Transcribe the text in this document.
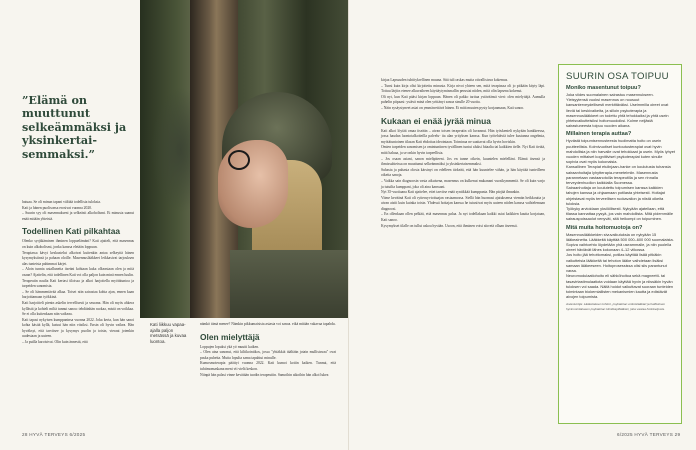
”Elämä on muuttunut selkeämmäksi ja yksinkertaisemmaksi.”

hatuaa. Se oli minun tapani välttää todellisia tuloksia.
Kati ja hänen puolisonsa erosivat vuonna 2020.
– Suurin syy oli masennukseni ja selkeästi alkoholismi. Ei minusta saanut enää mitään yhteistä.

Todellinen Kati pilkahtaa

Olenko syrjäkäminen ihminen loppuelämäni? Kati ajatteli, että masennus on kuin alkoholismi, jonka kanssa eletään loppuun.
Terapiassa kävyt keskustelut alkoivat kuitenkin antaa selkeyttä hänen kysymyksiinsä ja pahaan oloille. Masennuslääkkeet leikkasivat tarjouksen alas tunteista pahimmat kärjet.
– Aloin tunnia ustalluneita itseäni kohtaan kuka olkeastaan olen ja mitä osaan? Ajattelin, että todellinen Kati voi olla paljon kuin minä ennen luulin.
Terapeutin naulia Kati kertasi tiloissa ja alkoi harjoitella myötätuntoa ja tarpeiden sanomista.
– Se oli hämmentävää alkaa. Toiset niin sairastaa kohta ajan, ennen kaan harjoittamaan työkkinä.
Kati harjoitteli pienin askelin tervellisesti ja seurana. Hän oli myös ahkera kyllästä ja kohteli miltä tunnut sanoa: tehdäinhän ruokaa, mistä on voikkaa. Se ei olla kuitenkaan niin vaikeaa.
Kati tapasi nykyisen kumppaninsa vuonna 2022. Joka kerta, kun hän sanoi kohta käsitä kyllä, kutsui hän niin vitsiksi. Ensin oli hyvin vaikea. Hän hyväksyi, että tarvitsee ja kysymys puolin ja toisin, vieraat jotenkin uudestaan ja uuteen.
– Ja puilla karoistvat. Olin kuin ännestä, että

Kati liikkuu vapaa-ajalla paljon metsässä ja kuvaa luontoa.

nämkö tämä menee? Nämkin pikkumaisista asiasta voi sanoa. eikä mitään vakavaa tapahdu.

Olen mielyttäjä

Loppujen lopuksi ykä yö muutti kaiken.
– Olen aina sanonut, että kiltikointikos, jossa "yhtäkkiä täältään jotain mullistavaa" ovat paska puheita. Mutta lopulta sama tapahtui minulle.
Kumosmoterapia päättyi vuonna 2022. Kati kumoi kotiin kaiken. Tunnui, että tuhtimomaskana meni vii vielä keskon.
Niinpä hän palasi vinne kevätään tuodin terapeutiin. Samoihin aikoihin hän alkoi lukea

28 HYVÄ TERVEYS 6/2025

kirjaa Lapsuuden tuhtitykrellinen muuna. Sitä tuli raskas mutta otivallistava kokemus.
– Tunsi kuin kirja olisi kirjoitettu minusta. Kirja nivoi yhteen sen, mitä terapiassa oli jo pitkään käyty läpi. Tottuu lärjiin etenee alkuvaiheen käyttäytymismallin perustai niiden, mitä olin lapsena kokenut.
Oli nyt, kun Kati pääsi kirjan loppuun. Hänen oli pakko tarttua ystäväänsä vieri: olen mielyttäjä. Aamulla puhelin piipaasi: ystävä minä olen yrittänyt sanoa sinulle 20 vuotta.
– Näin sysäystyneet asiat on ymmärrettävä hänen. Ei mitä muuten pysty korjaamaan, Kati sanoo.

Kukaan ei enää jyrää minua

Kati alkoi löytää omaa itseään – aivan toisen terapeutin oli luvannut. Hän työskenteli nykyään hankkeessa, jossa haudan luontotalkoiteilla palvelu- ita alan yrityksen kanssa. Kun työtehtäviä tulee kustanna ongelmia, myötätuntoinen tilasan Kati ehdottaa ideointaan. Toiminaa ne saattavat olla hyvin hoviskin.
Omien tarpeiden sanomisen ja omintuntinen tyvällinen tuntui aluksi hitaalta tai kaikkien tielle. Nyt Kati tietää, mitä haluaa, ja se onkin hyvin tarpeellista.
– Jos osaan asiani, sanon mielipiteeni. Jos en tunne oikein, kuuntelen mielelläni. Elämä itsensä ja ihmissuhteissa on muuttunut selkeämmäksi ja yksinkertaisemmaksi.
Suhasta ja pahasta olosta kärsinyt on edelleen tärkeää, että hän kuuntelee vähän, ja hän käyttää tunteilleen oikeita sanoja.
– Vaikka sain diagnoosin vasta aikuisena, masennus on kulkenut mukanani vuosikymmeniä. Se oli kuin varjo ja tutuilta kumppani, joka oli aina kanssani.
Nyt 35-vuotiaana Kati ajattelee, ettei tarvitse enää syntikkää kumppania. Hän pärjää ilmankin.
Viime keväänä Kati oli rytteruyvtoituajan vastaamossa. Siellä hän huomasi ajatuksensa viemän heikkoutta ja aivan aistit kuin kuinka toisin. Yhdessä hoitajan kanssa he tutustivat myös uuteen niiden kanssa vaihtelemaan diagnoosi.
– En ollenkaan ollen pelkää, että masennus palaa. Ja nyt todellakaan kaikki asiat kaikkien kautta korjataan, Kati sanoo.
Kysymykset tilalle on tullut uskoa hyvään. Usoon, että ihminen voisi siirretä ollaan itseensä.

6/2025 HYVÄ TERVEYS 29
SUURIN OSA TOIPUU
Moniko masentunut toipuu?

Joka viides suomalainen sairastuu masennukseen. Yleisyytensä vuoksi masennus on nousuut kansanterveydellisesti merkittäväksi. Useimmilla oireet ovat lieviä tai keskivaikeita, ja silloin psykoterapia ja masennuslääkkeet on todettu yhtä tehokkaiksi ja yhtä usein yhteisvaikutteisiksi hoitomuodoiksi. Kolme neljästä sairastuneesta toipuu vuoden aikana.

Millainen terapia auttaa?

Hyvästä toipumisennusteesta huolimatta hoito on usein puutteellista. Kolmivuotiset kuntoutusterapiat ovat hyvin mahdollisia ja niin harvalle ovat tehokkaat ja usein. Myös lyhyet vuoden mittaiset kognitiiviset psykoterapiat kuten sinulle sopivia ovat myös kokonaisia.
Kansallinen Terapiat etulinjaan-hanke on koulutusta tuhansia sairaanhoitajia lyhytterapia-menetelmiin. Masennusta parannetaan vastaanotoilla terapeutilla ja sen rinnalla terveydenhuollon kaikkialla Suomessa.
Sairaanhoitaja on koulutettu toipumisen kanssa kaikkien tahojen kanssa ja ohjaamaan potilasta yhteisesti. Hoitajat ohjeistavat myös terveellisen ruokavalion ja niistä oikeita tuloksia.
Työkyky arvioidaan yksilöllisesti. Nykyään ajatellaan, että tilassa kannattaa pysyä, jos vain mahdollista. Mitä pidemmälle sairauspoissaolot venyvät, sitä heikompi on toipuminen.

Mitä muita hoitomuotoja on?

Masennuslääkkeiden sivuvaikutuksia on nykyään 15 lääkeainetta. Lääkkeitä käyttää 500 000–600 000 suomalaista. Sopiva vaihtoehto löydetään yhä useammalle, ja niin puolella oireet häviävät lähes kokonaan 4–12 viikossa.
Jos hoito jää tehottomaksi, potilas käyttää lisää pitkäkin vaikutteisia lääkkeitä tai tehoton lääke vaihdetaan lisäksi samaan lääkeeseen. Hoitoprosessissa olisi siis parantunut varaa.
Neuromodulaatiohoito eli sähköhoitoa sekä magneetti- tai tasavirtastimulaatiota voidaan käyttää hyvin ja niissäkin hyvän tuloksen voi saada. Näitä hoidot vaikuttavat suoraan tunteiden toimintaan biokemiallisten mekanismien kautta ja edistävät aivojen toipumista.

Asiantuntija: Lääketieteen tohtori, psykiatrian erikoislääkäri ja hallituksen hyvinvointialueen psykiatrian klinikkaylilääkäri, joka vastaa hoitoketjusta.
